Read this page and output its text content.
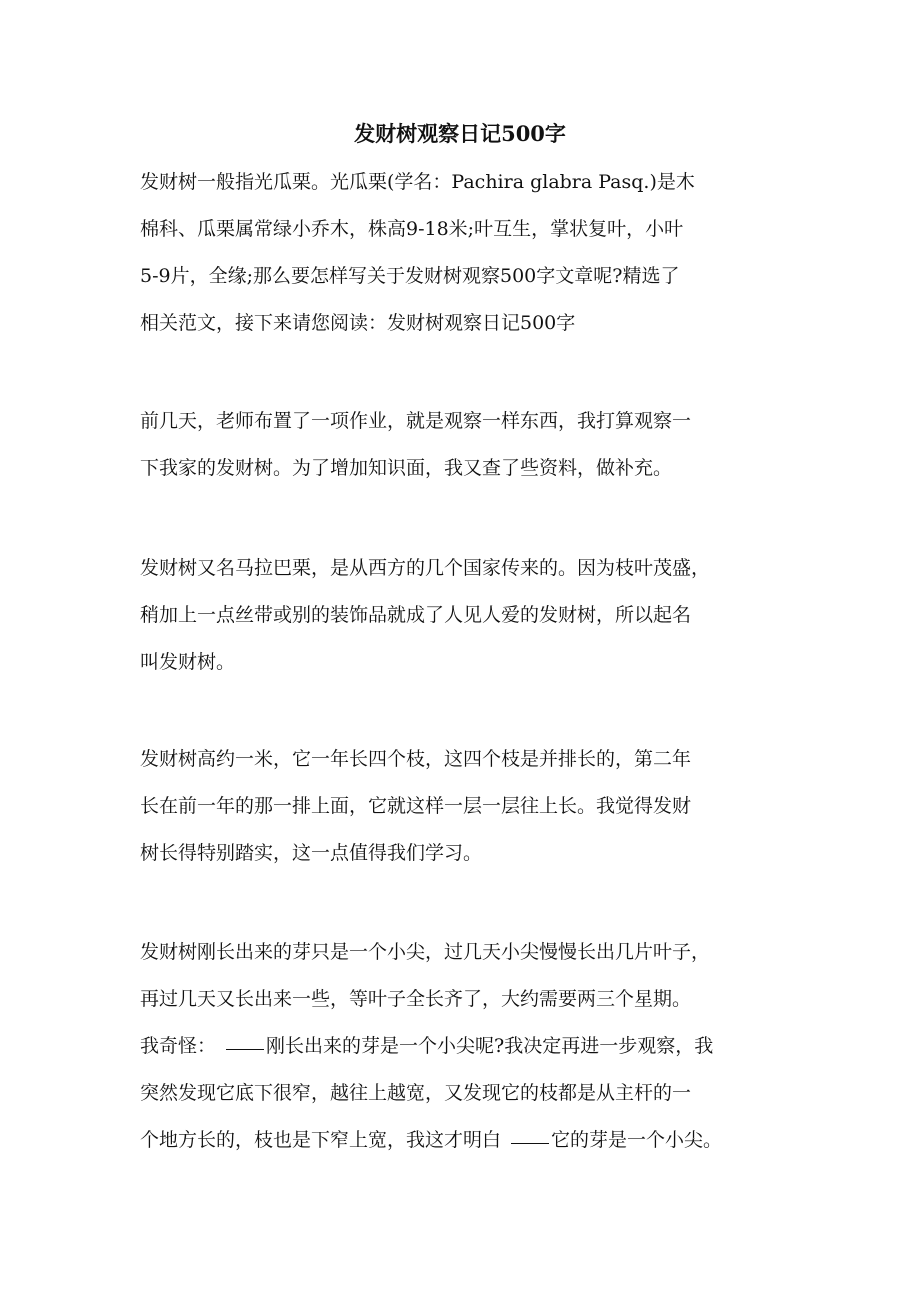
发财树观察日记500字

发财树一般指光瓜栗。光瓜栗(学名：Pachira glabra Pasq.)是木
棉科、瓜栗属常绿小乔木，株高9-18米;叶互生，掌状复叶，小叶
5-9片，全缘;那么要怎样写关于发财树观察500字文章呢?精选了
相关范文，接下来请您阅读：发财树观察日记500字

前几天，老师布置了一项作业，就是观察一样东西，我打算观察一
下我家的发财树。为了增加知识面，我又查了些资料，做补充。

发财树又名马拉巴栗，是从西方的几个国家传来的。因为枝叶茂盛，
稍加上一点丝带或别的装饰品就成了人见人爱的发财树，所以起名
叫发财树。

发财树高约一米，它一年长四个枝，这四个枝是并排长的，第二年
长在前一年的那一排上面，它就这样一层一层往上长。我觉得发财
树长得特别踏实，这一点值得我们学习。

发财树刚长出来的芽只是一个小尖，过几天小尖慢慢长出几片叶子，
再过几天又长出来一些，等叶子全长齐了，大约需要两三个星期。
我奇怪：	刚长出来的芽是一个小尖呢?我决定再进一步观察，我
突然发现它底下很窄，越往上越宽，又发现它的枝都是从主杆的一
个地方长的，枝也是下窄上宽，我这才明白	它的芽是一个小尖。
